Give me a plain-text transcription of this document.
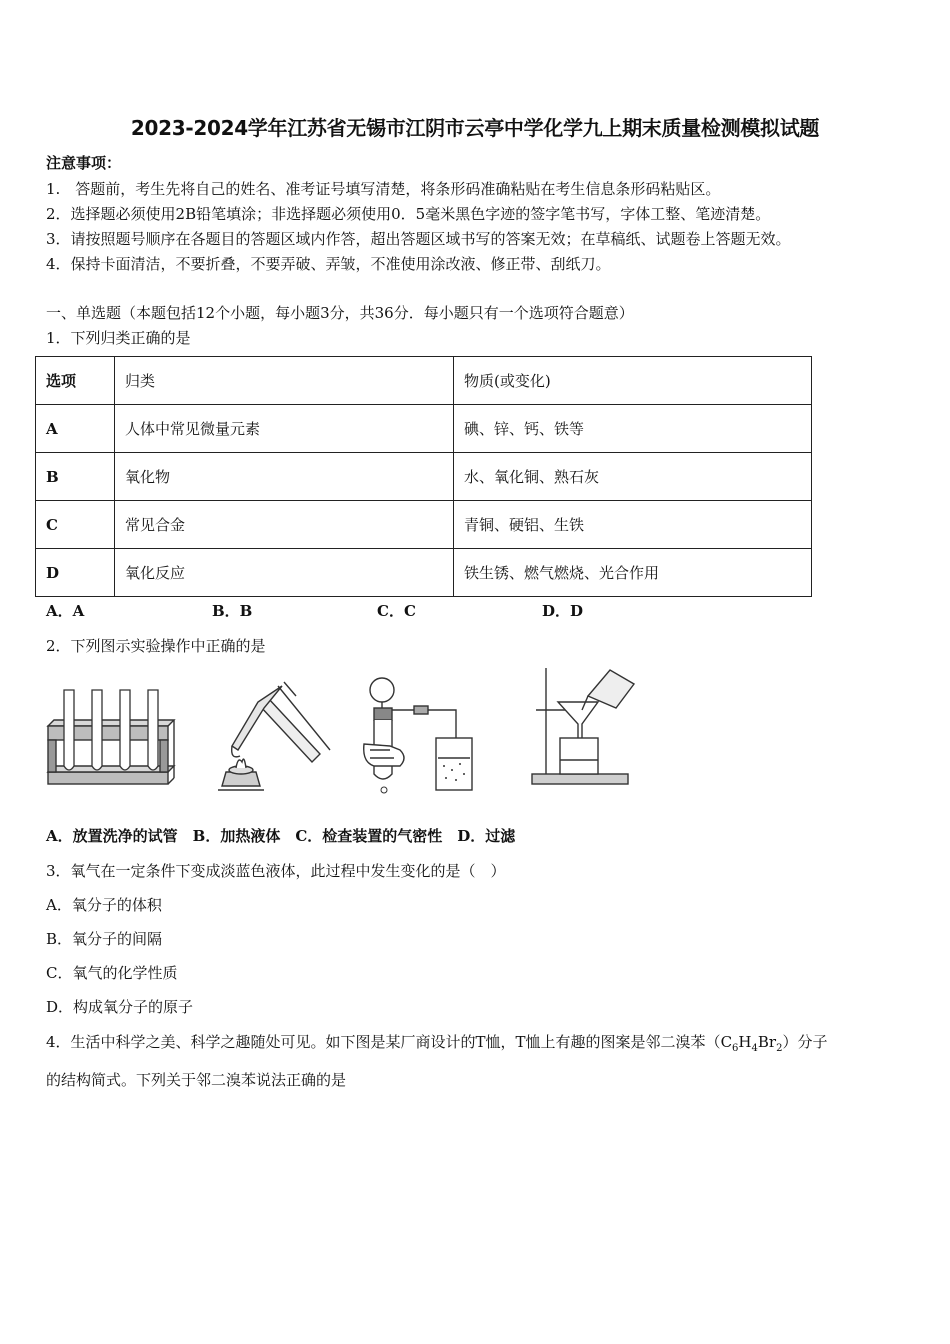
2023-2024学年江苏省无锡市江阴市云亭中学化学九上期末质量检测模拟试题
注意事项：
1.　答题前，考生先将自己的姓名、准考证号填写清楚，将条形码准确粘贴在考生信息条形码粘贴区。
2．选择题必须使用2B铅笔填涂；非选择题必须使用0．5毫米黑色字迹的签字笔书写，字体工整、笔迹清楚。
3．请按照题号顺序在各题目的答题区域内作答，超出答题区域书写的答案无效；在草稿纸、试题卷上答题无效。
4．保持卡面清洁，不要折叠，不要弄破、弄皱，不准使用涂改液、修正带、刮纸刀。
一、单选题（本题包括12个小题，每小题3分，共36分．每小题只有一个选项符合题意）
1．下列归类正确的是
选项	归类	物质(或变化)
A	人体中常见微量元素	碘、锌、钙、铁等
B	氧化物	水、氧化铜、熟石灰
C	常见合金	青铜、硬铝、生铁
D	氧化反应	铁生锈、燃气燃烧、光合作用
A．A	B．B	C．C	D．D
2．下列图示实验操作中正确的是
A．放置洗净的试管　B．加热液体　C．检查装置的气密性　D．过滤
3．氧气在一定条件下变成淡蓝色液体，此过程中发生变化的是（　）
A．氧分子的体积
B．氧分子的间隔
C．氧气的化学性质
D．构成氧分子的原子
4．生活中科学之美、科学之趣随处可见。如下图是某厂商设计的T恤，T恤上有趣的图案是邻二溴苯$(C_6H_4Br_2)$分子
的结构简式。下列关于邻二溴苯说法正确的是
